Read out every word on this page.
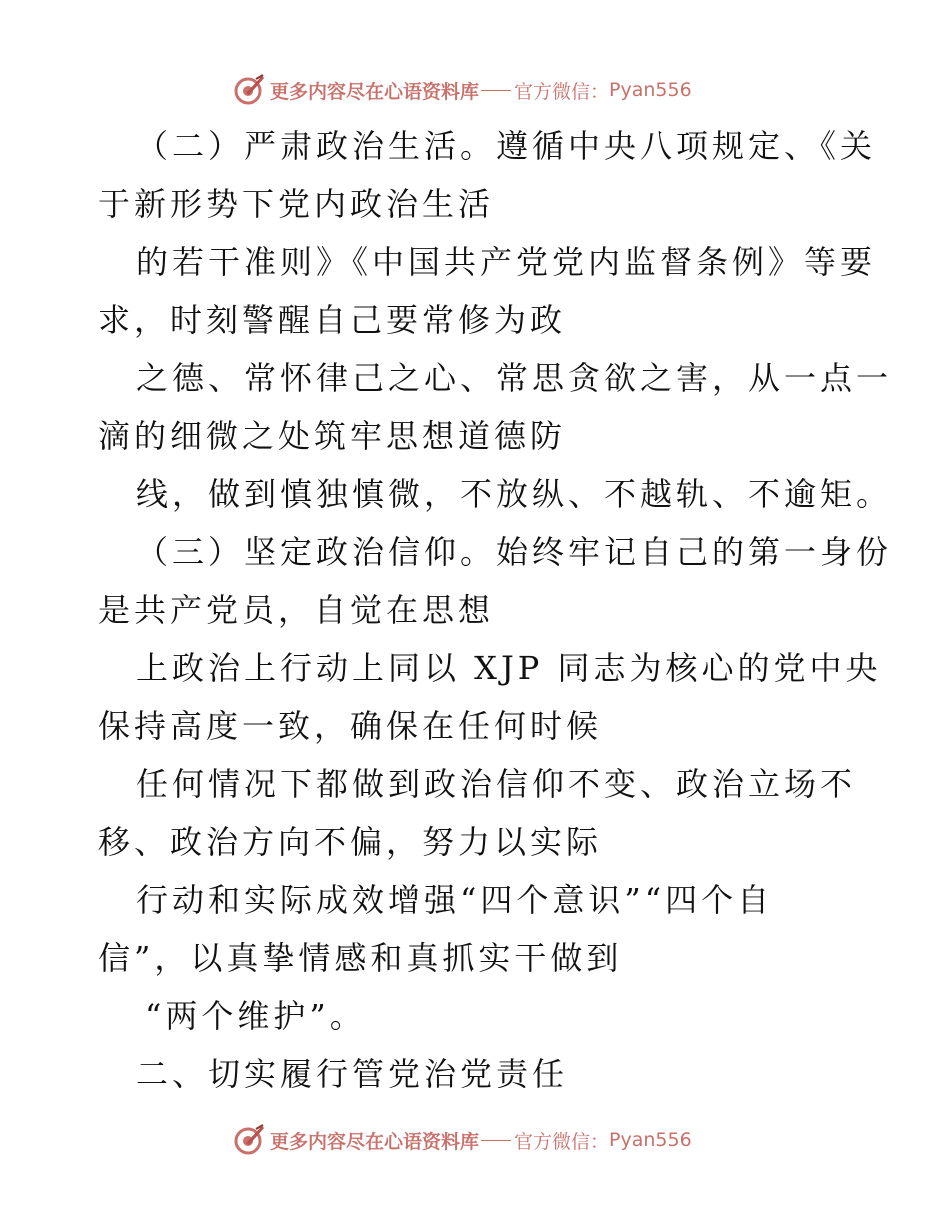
更多内容尽在心语资料库 官方微信： Pyan556
（二）严肃政治生活。遵循中央八项规定、《关
于新形势下党内政治生活
的若干准则》《中国共产党党内监督条例》等要
求，时刻警醒自己要常修为政
之德、常怀律己之心、常思贪欲之害，从一点一
滴的细微之处筑牢思想道德防
线，做到慎独慎微，不放纵、不越轨、不逾矩。
（三）坚定政治信仰。始终牢记自己的第一身份
是共产党员，自觉在思想
上政治上行动上同以 XJP 同志为核心的党中央
保持高度一致，确保在任何时候
任何情况下都做到政治信仰不变、政治立场不
移、政治方向不偏，努力以实际
行动和实际成效增强“四个意识”“四个自
信”，以真挚情感和真抓实干做到
“两个维护”。
二、切实履行管党治党责任
更多内容尽在心语资料库 官方微信： Pyan556
